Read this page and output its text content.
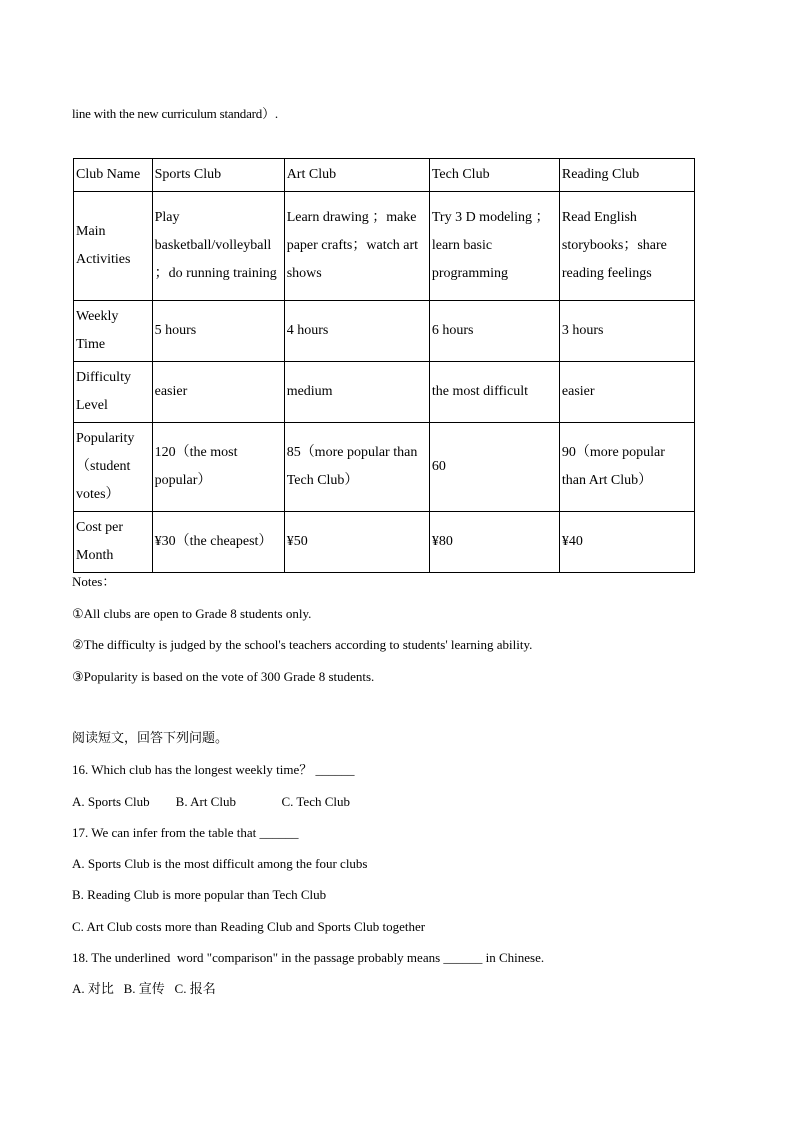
line with the new curriculum standard）.
Club Name	Sports Club	Art Club	Tech Club	Reading Club
Main Activities	Play basketball/volleyball；do running training	Learn drawing ；make paper crafts；watch art shows	Try 3 D modeling ；learn basic programming	Read English storybooks；share reading feelings
Weekly Time	5 hours	4 hours	6 hours	3 hours
Difficulty Level	easier	medium	the most difficult	easier
Popularity（student votes）	120（the most popular）	85（more popular than Tech Club）	60	90（more popular than Art Club）
Cost per Month	¥30（the cheapest）	¥50	¥80	¥40

Notes：

①All clubs are open to Grade 8 students only.

②The difficulty is judged by the school's teachers according to students' learning ability.

③Popularity is based on the vote of 300 Grade 8 students.

阅读短文，回答下列问题。

16. Which club has the longest weekly time？ ______

A. Sports Club        B. Art Club              C. Tech Club

17. We can infer from the table that ______

A. Sports Club is the most difficult among the four clubs

B. Reading Club is more popular than Tech Club

C. Art Club costs more than Reading Club and Sports Club together

18. The underlined  word "comparison" in the passage probably means ______ in Chinese.

A. 对比   B. 宣传   C. 报名
